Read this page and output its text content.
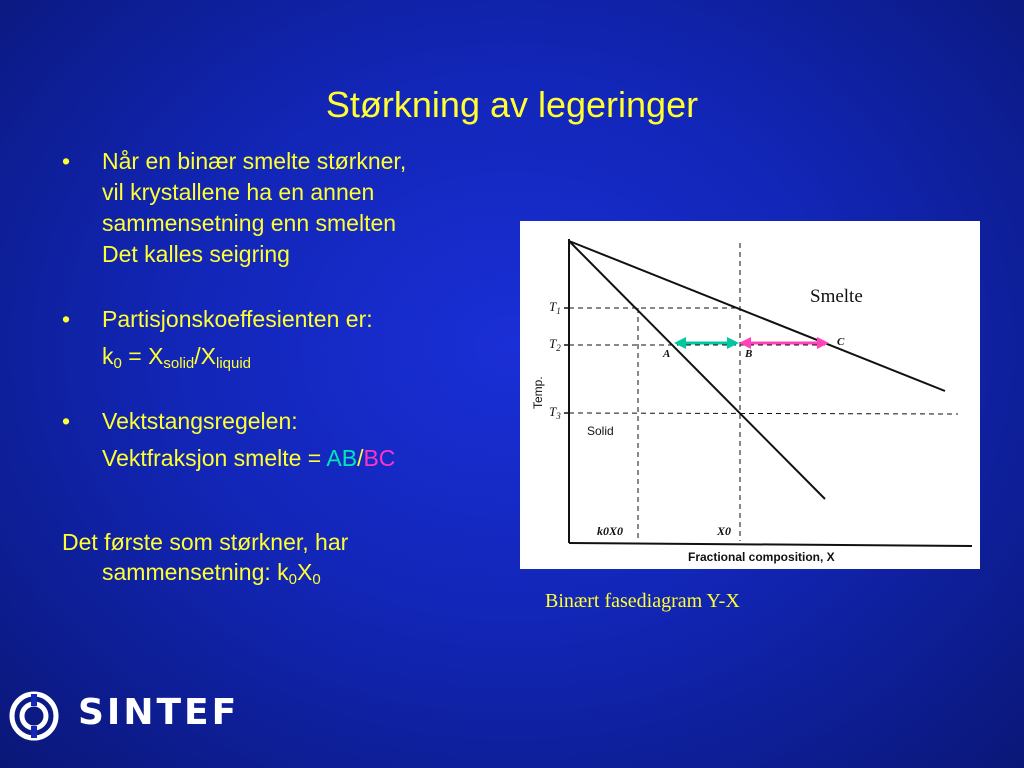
Størkning av legeringer
• Når en binær smelte størkner,
vil krystallene ha en annen
sammensetning enn smelten
Det kalles seigring
• Partisjonskoeffesienten er:
$k_0 = X_{solid}/X_{liquid}$
• Vektstangsregelen:
Vektfraksjon smelte = AB/BC
Det første som størkner, har
sammensetning: $k_0X_0$
Smelte
Solid
Temp.
Fractional composition, X
$T_1$
$T_2$
$T_3$
A	B
C
k0X0	X0
Binært fasediagram Y-X
SINTEF
